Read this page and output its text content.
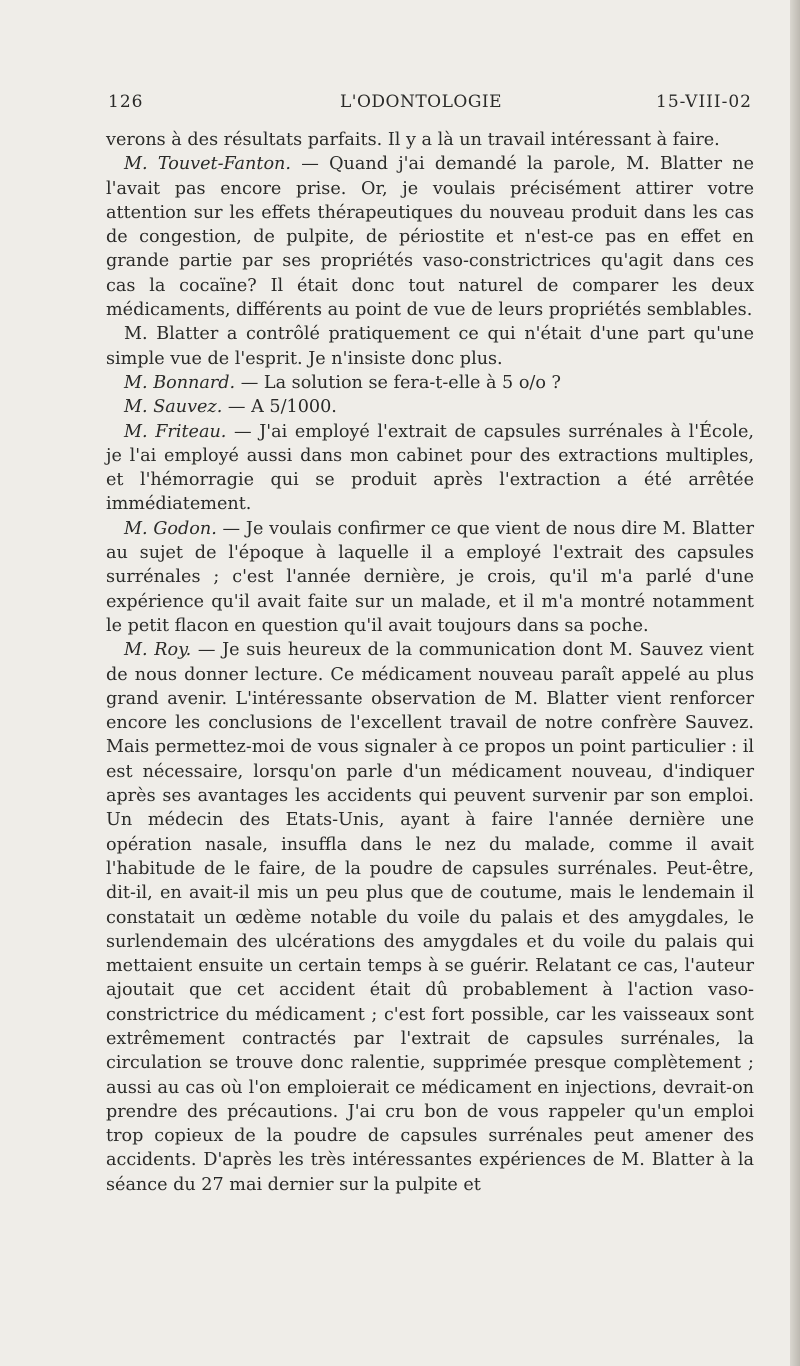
126	L'ODONTOLOGIE	15-VIII-02

verons à des résultats parfaits. Il y a là un travail intéressant à faire.

M. Touvet-Fanton. — Quand j'ai demandé la parole, M. Blatter ne l'avait pas encore prise. Or, je voulais précisément attirer votre attention sur les effets thérapeutiques du nouveau produit dans les cas de congestion, de pulpite, de périostite et n'est-ce pas en effet en grande partie par ses propriétés vaso-constrictrices qu'agit dans ces cas la cocaïne? Il était donc tout naturel de comparer les deux médicaments, différents au point de vue de leurs propriétés semblables.

M. Blatter a contrôlé pratiquement ce qui n'était d'une part qu'une simple vue de l'esprit. Je n'insiste donc plus.

M. Bonnard. — La solution se fera-t-elle à 5 o/o ?

M. Sauvez. — A 5/1000.

M. Friteau. — J'ai employé l'extrait de capsules surrénales à l'École, je l'ai employé aussi dans mon cabinet pour des extractions multiples, et l'hémorragie qui se produit après l'extraction a été arrêtée immédiatement.

M. Godon. — Je voulais confirmer ce que vient de nous dire M. Blatter au sujet de l'époque à laquelle il a employé l'extrait des capsules surrénales ; c'est l'année dernière, je crois, qu'il m'a parlé d'une expérience qu'il avait faite sur un malade, et il m'a montré notamment le petit flacon en question qu'il avait toujours dans sa poche.

M. Roy. — Je suis heureux de la communication dont M. Sauvez vient de nous donner lecture. Ce médicament nouveau paraît appelé au plus grand avenir. L'intéressante observation de M. Blatter vient renforcer encore les conclusions de l'excellent travail de notre confrère Sauvez. Mais permettez-moi de vous signaler à ce propos un point particulier : il est nécessaire, lorsqu'on parle d'un médicament nouveau, d'indiquer après ses avantages les accidents qui peuvent survenir par son emploi. Un médecin des Etats-Unis, ayant à faire l'année dernière une opération nasale, insuffla dans le nez du malade, comme il avait l'habitude de le faire, de la poudre de capsules surrénales. Peut-être, dit-il, en avait-il mis un peu plus que de coutume, mais le lendemain il constatait un œdème notable du voile du palais et des amygdales, le surlendemain des ulcérations des amygdales et du voile du palais qui mettaient ensuite un certain temps à se guérir. Relatant ce cas, l'auteur ajoutait que cet accident était dû probablement à l'action vaso-constrictrice du médicament ; c'est fort possible, car les vaisseaux sont extrêmement contractés par l'extrait de capsules surrénales, la circulation se trouve donc ralentie, supprimée presque complètement ; aussi au cas où l'on emploierait ce médicament en injections, devrait-on prendre des précautions. J'ai cru bon de vous rappeler qu'un emploi trop copieux de la poudre de capsules surrénales peut amener des accidents. D'après les très intéressantes expériences de M. Blatter à la séance du 27 mai dernier sur la pulpite et
